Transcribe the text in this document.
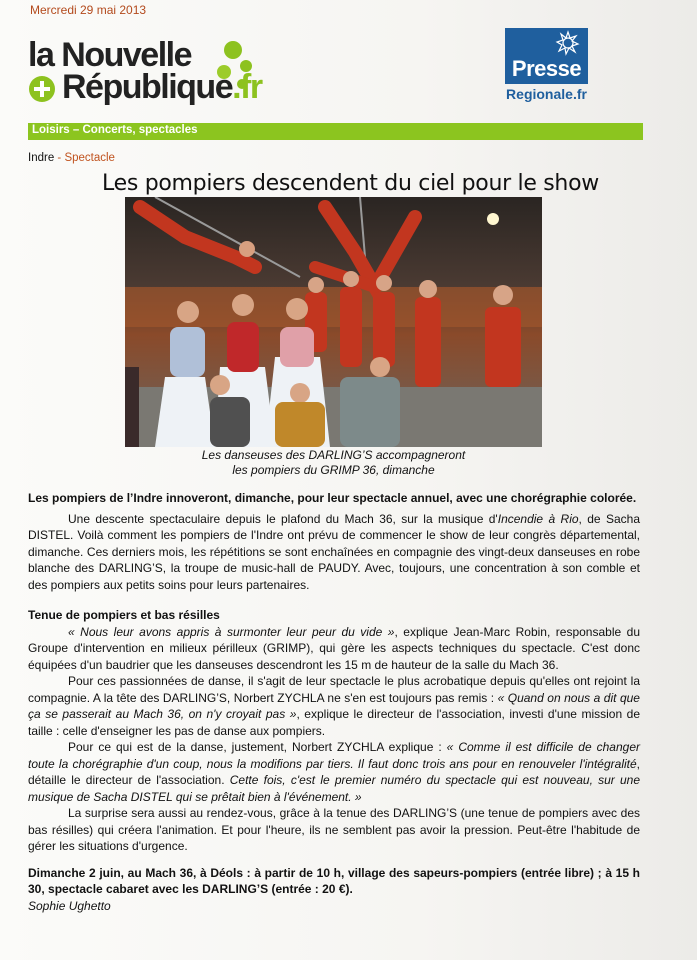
Mercredi 29 mai 2013
la Nouvelle
République.fr	Presse
Regionale.fr
Loisirs – Concerts, spectacles
Indre - Spectacle
Les pompiers descendent du ciel pour le show
Les danseuses des DARLING’S accompagneront
les pompiers du GRIMP 36, dimanche

Les pompiers de l’Indre innoveront, dimanche, pour leur spectacle annuel, avec une chorégraphie colorée.

Une descente spectaculaire depuis le plafond du Mach 36, sur la musique d'Incendie à Rio, de Sacha DISTEL. Voilà comment les pompiers de l'Indre ont prévu de commencer le show de leur congrès départemental, dimanche. Ces derniers mois, les répétitions se sont enchaînées en compagnie des vingt-deux danseuses en robe blanche des DARLING’S, la troupe de music-hall de PAUDY. Avec, toujours, une concentration à son comble et des pompiers aux petits soins pour leurs partenaires.

Tenue de pompiers et bas résilles

« Nous leur avons appris à surmonter leur peur du vide », explique Jean-Marc Robin, responsable du Groupe d'intervention en milieux périlleux (GRIMP), qui gère les aspects techniques du spectacle. C'est donc équipées d'un baudrier que les danseuses descendront les 15 m de hauteur de la salle du Mach 36.

Pour ces passionnées de danse, il s'agit de leur spectacle le plus acrobatique depuis qu'elles ont rejoint la compagnie. A la tête des DARLING’S, Norbert ZYCHLA ne s'en est toujours pas remis : « Quand on nous a dit que ça se passerait au Mach 36, on n'y croyait pas », explique le directeur de l'association, investi d'une mission de taille : celle d'enseigner les pas de danse aux pompiers.

Pour ce qui est de la danse, justement, Norbert ZYCHLA explique : « Comme il est difficile de changer toute la chorégraphie d'un coup, nous la modifions par tiers. Il faut donc trois ans pour en renouveler l'intégralité, détaille le directeur de l'association. Cette fois, c'est le premier numéro du spectacle qui est nouveau, sur une musique de Sacha DISTEL qui se prêtait bien à l'événement. »

La surprise sera aussi au rendez-vous, grâce à la tenue des DARLING’S (une tenue de pompiers avec des bas résilles) qui créera l'animation. Et pour l'heure, ils ne semblent pas avoir la pression. Peut-être l'habitude de gérer les situations d'urgence.

Dimanche 2 juin, au Mach 36, à Déols : à partir de 10 h, village des sapeurs-pompiers (entrée libre) ; à 15 h 30, spectacle cabaret avec les DARLING’S (entrée : 20 €).

Sophie Ughetto
